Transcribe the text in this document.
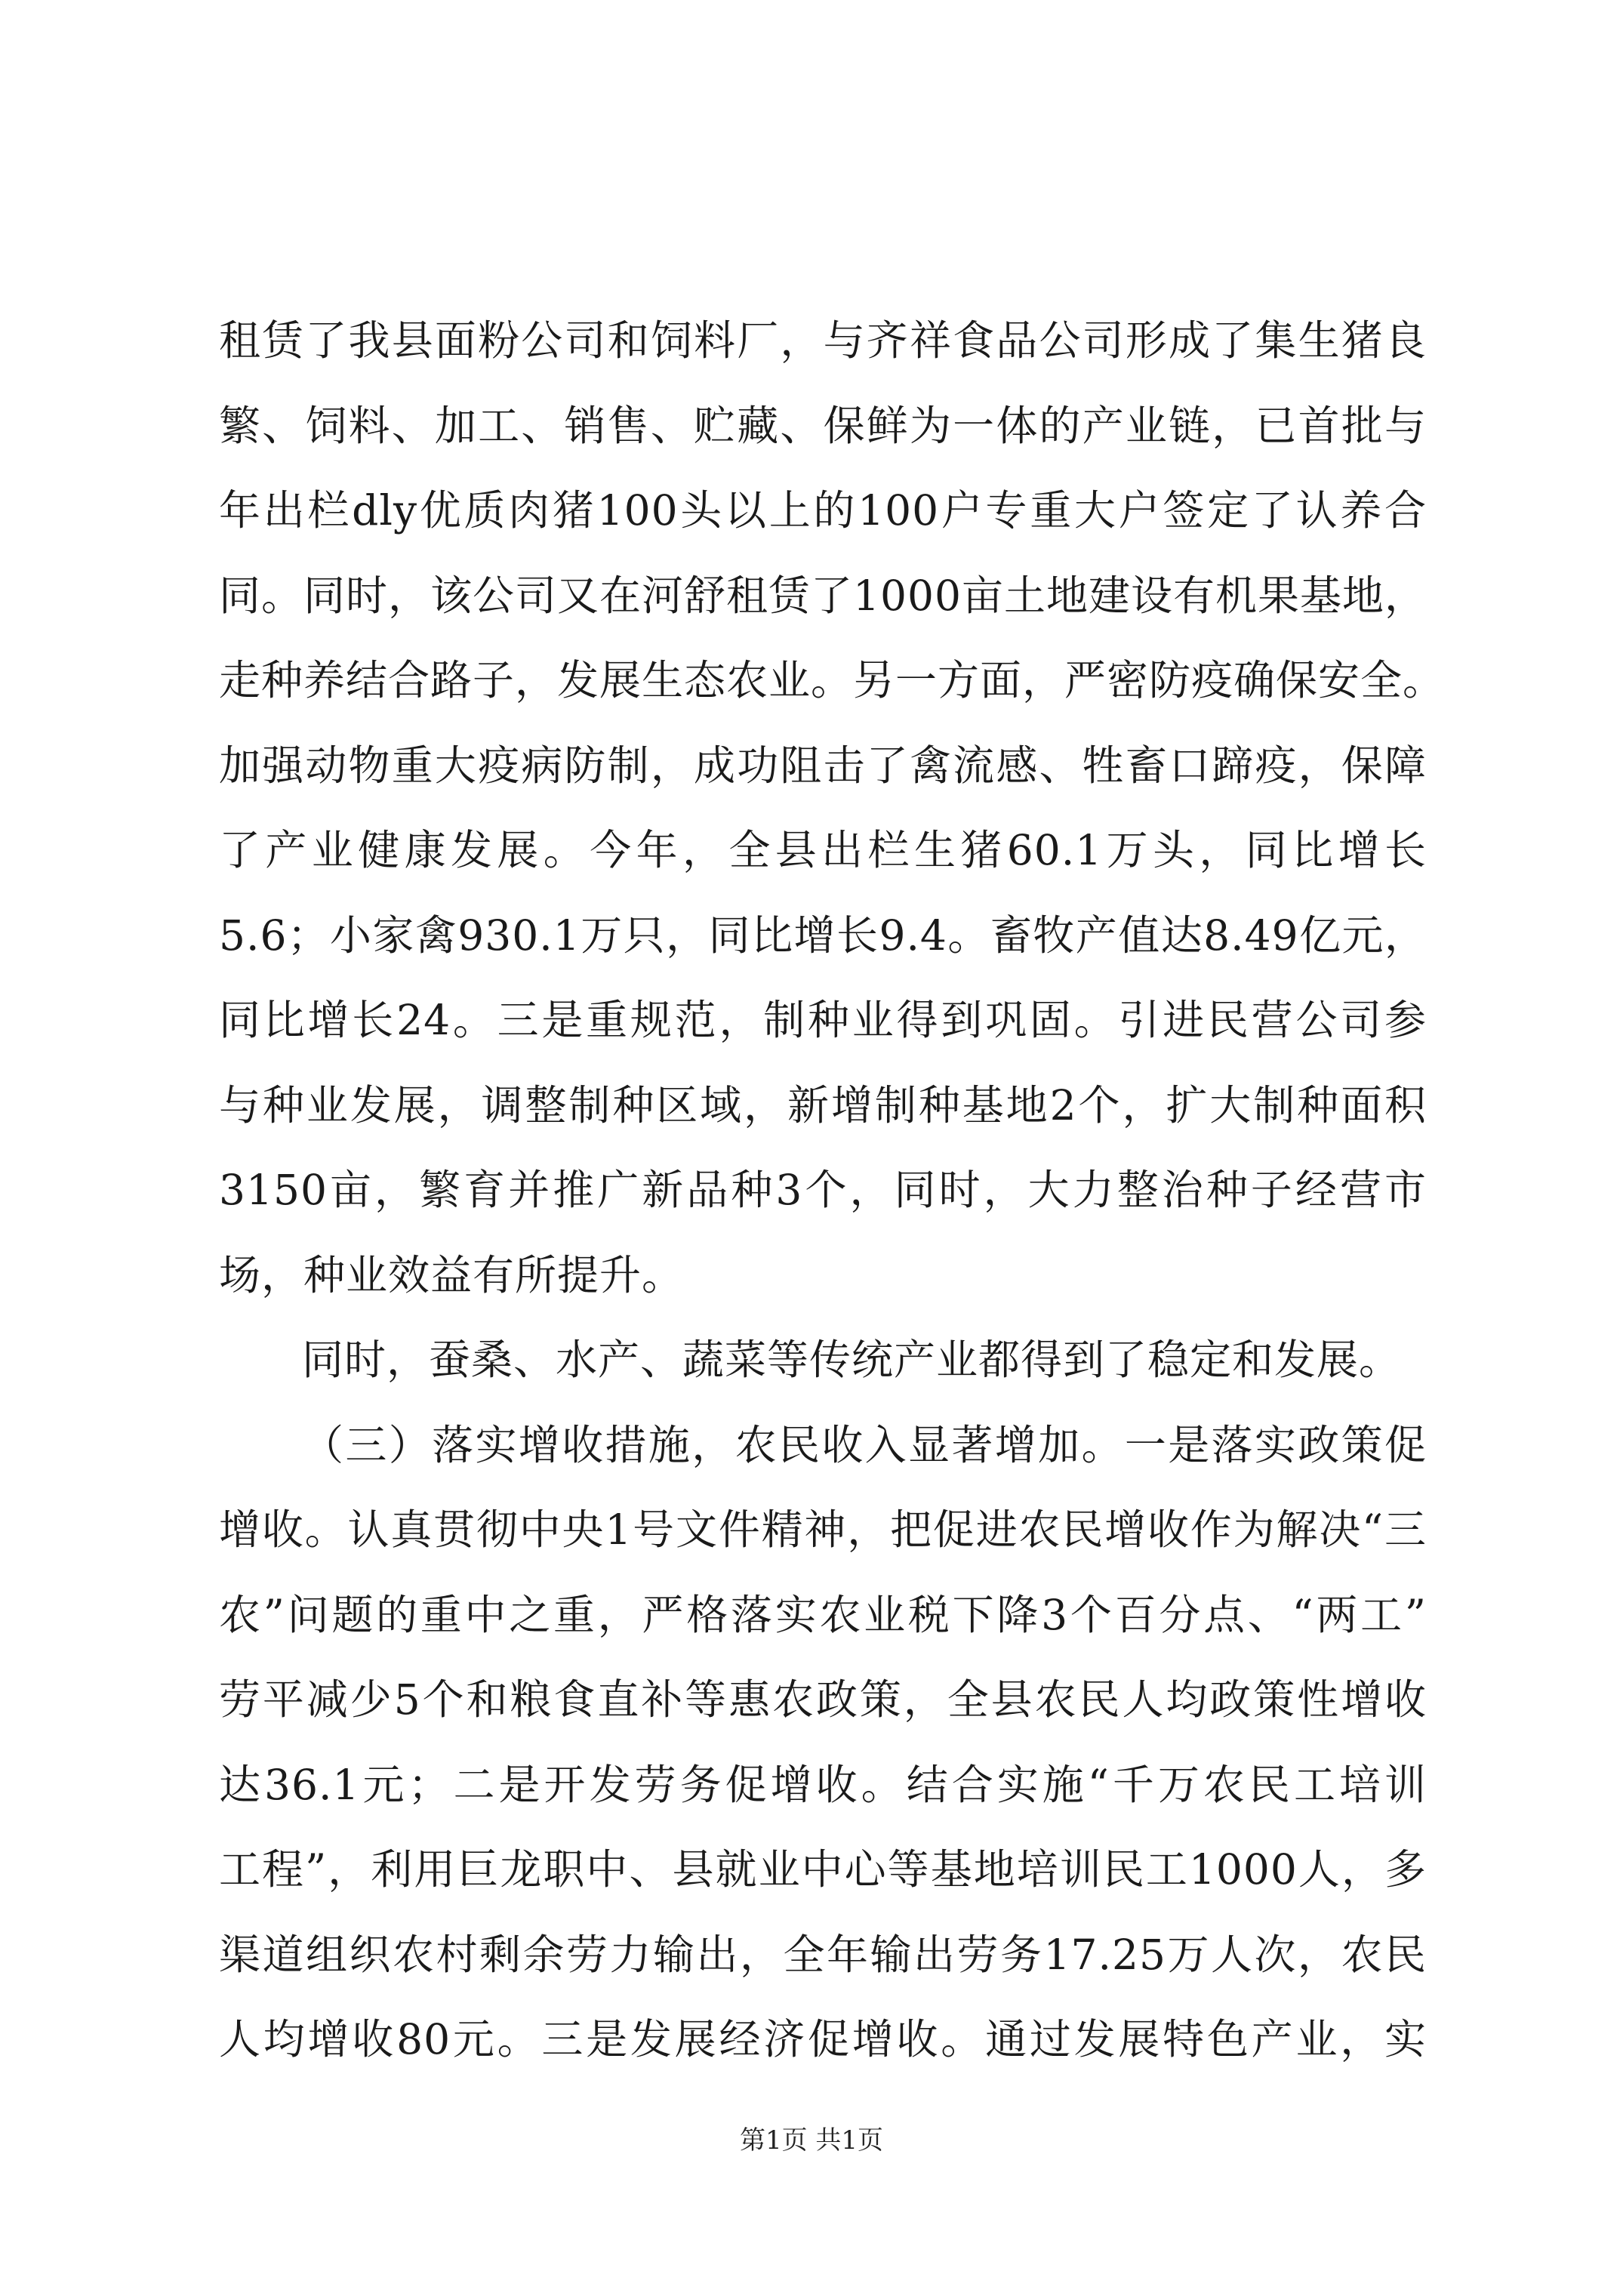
租赁了我县面粉公司和饲料厂，与齐祥食品公司形成了集生猪良
繁、饲料、加工、销售、贮藏、保鲜为一体的产业链，已首批与
年出栏dly优质肉猪100头以上的100户专重大户签定了认养合
同。同时，该公司又在河舒租赁了1000亩土地建设有机果基地，
走种养结合路子，发展生态农业。另一方面，严密防疫确保安全。
加强动物重大疫病防制，成功阻击了禽流感、牲畜口蹄疫，保障
了产业健康发展。今年，全县出栏生猪60.1万头，同比增长
5.6；小家禽930.1万只，同比增长9.4。畜牧产值达8.49亿元，
同比增长24。三是重规范，制种业得到巩固。引进民营公司参
与种业发展，调整制种区域，新增制种基地2个，扩大制种面积
3150亩，繁育并推广新品种3个，同时，大力整治种子经营市
场，种业效益有所提升。
同时，蚕桑、水产、蔬菜等传统产业都得到了稳定和发展。
（三）落实增收措施，农民收入显著增加。一是落实政策促
增收。认真贯彻中央1号文件精神，把促进农民增收作为解决“三
农”问题的重中之重，严格落实农业税下降3个百分点、“两工”
劳平减少5个和粮食直补等惠农政策，全县农民人均政策性增收
达36.1元；二是开发劳务促增收。结合实施“千万农民工培训
工程”，利用巨龙职中、县就业中心等基地培训民工1000人，多
渠道组织农村剩余劳力输出，全年输出劳务17.25万人次，农民
人均增收80元。三是发展经济促增收。通过发展特色产业，实
第1页 共1页
